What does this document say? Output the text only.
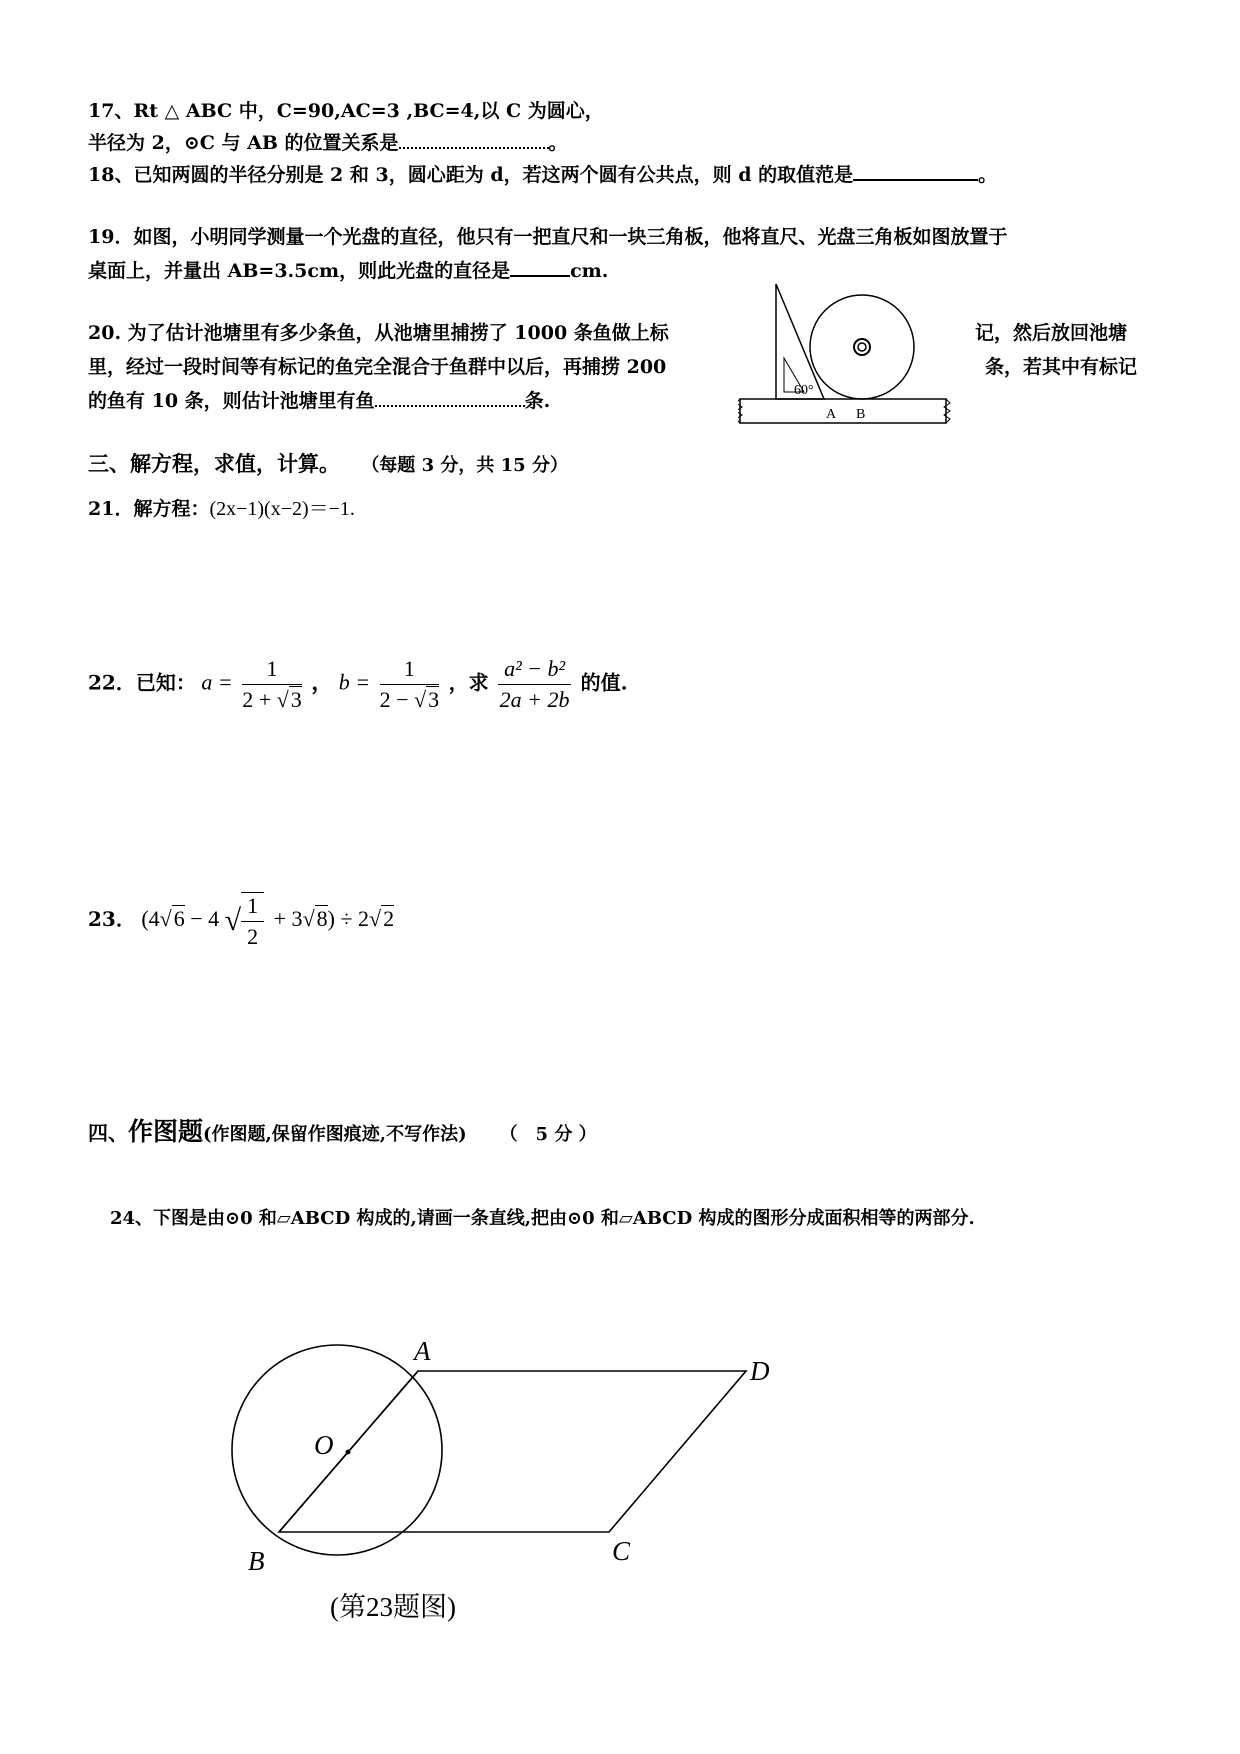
17、Rt △ ABC 中，C=90,AC=3 ,BC=4,以 C 为圆心，
半径为 2，⊙C 与 AB 的位置关系是	。
18、已知两圆的半径分别是 2 和 3，圆心距为 d，若这两个圆有公共点，则 d 的取值范是	。
19．如图，小明同学测量一个光盘的直径，他只有一把直尺和一块三角板，他将直尺、光盘三角板如图放置于
桌面上，并量出 AB=3.5cm，则此光盘的直径是	cm.
20. 为了估计池塘里有多少条鱼，从池塘里捕捞了 1000 条鱼做上标	记，然后放回池塘
里，经过一段时间等有标记的鱼完全混合于鱼群中以后，再捕捞 200	条，若其中有标记
的鱼有 10 条，则估计池塘里有鱼	条.	60°
A B
三、解方程，求值，计算。 （每题 3 分，共 15 分）
21．解方程：(2x−1)(x−2)＝−1.
22．已知： $a = \frac{1}{2 + √3}$ ， $b = \frac{1}{2 - √3}$ ，求 $\frac{\text{a² − b²}}{2a + 2b}$ 的值.
23． (4√6 − 4 √ $\frac{1}{2} + 3√8) \div 2√2$
四、作图题(作图题,保留作图痕迹,不写作法) （　5 分 ）
24、下图是由⊙0 和▱ABCD 构成的,请画一条直线,把由⊙0 和▱ABCD 构成的图形分成面积相等的两部分.
A
D
C
B
O
(第23题图)
